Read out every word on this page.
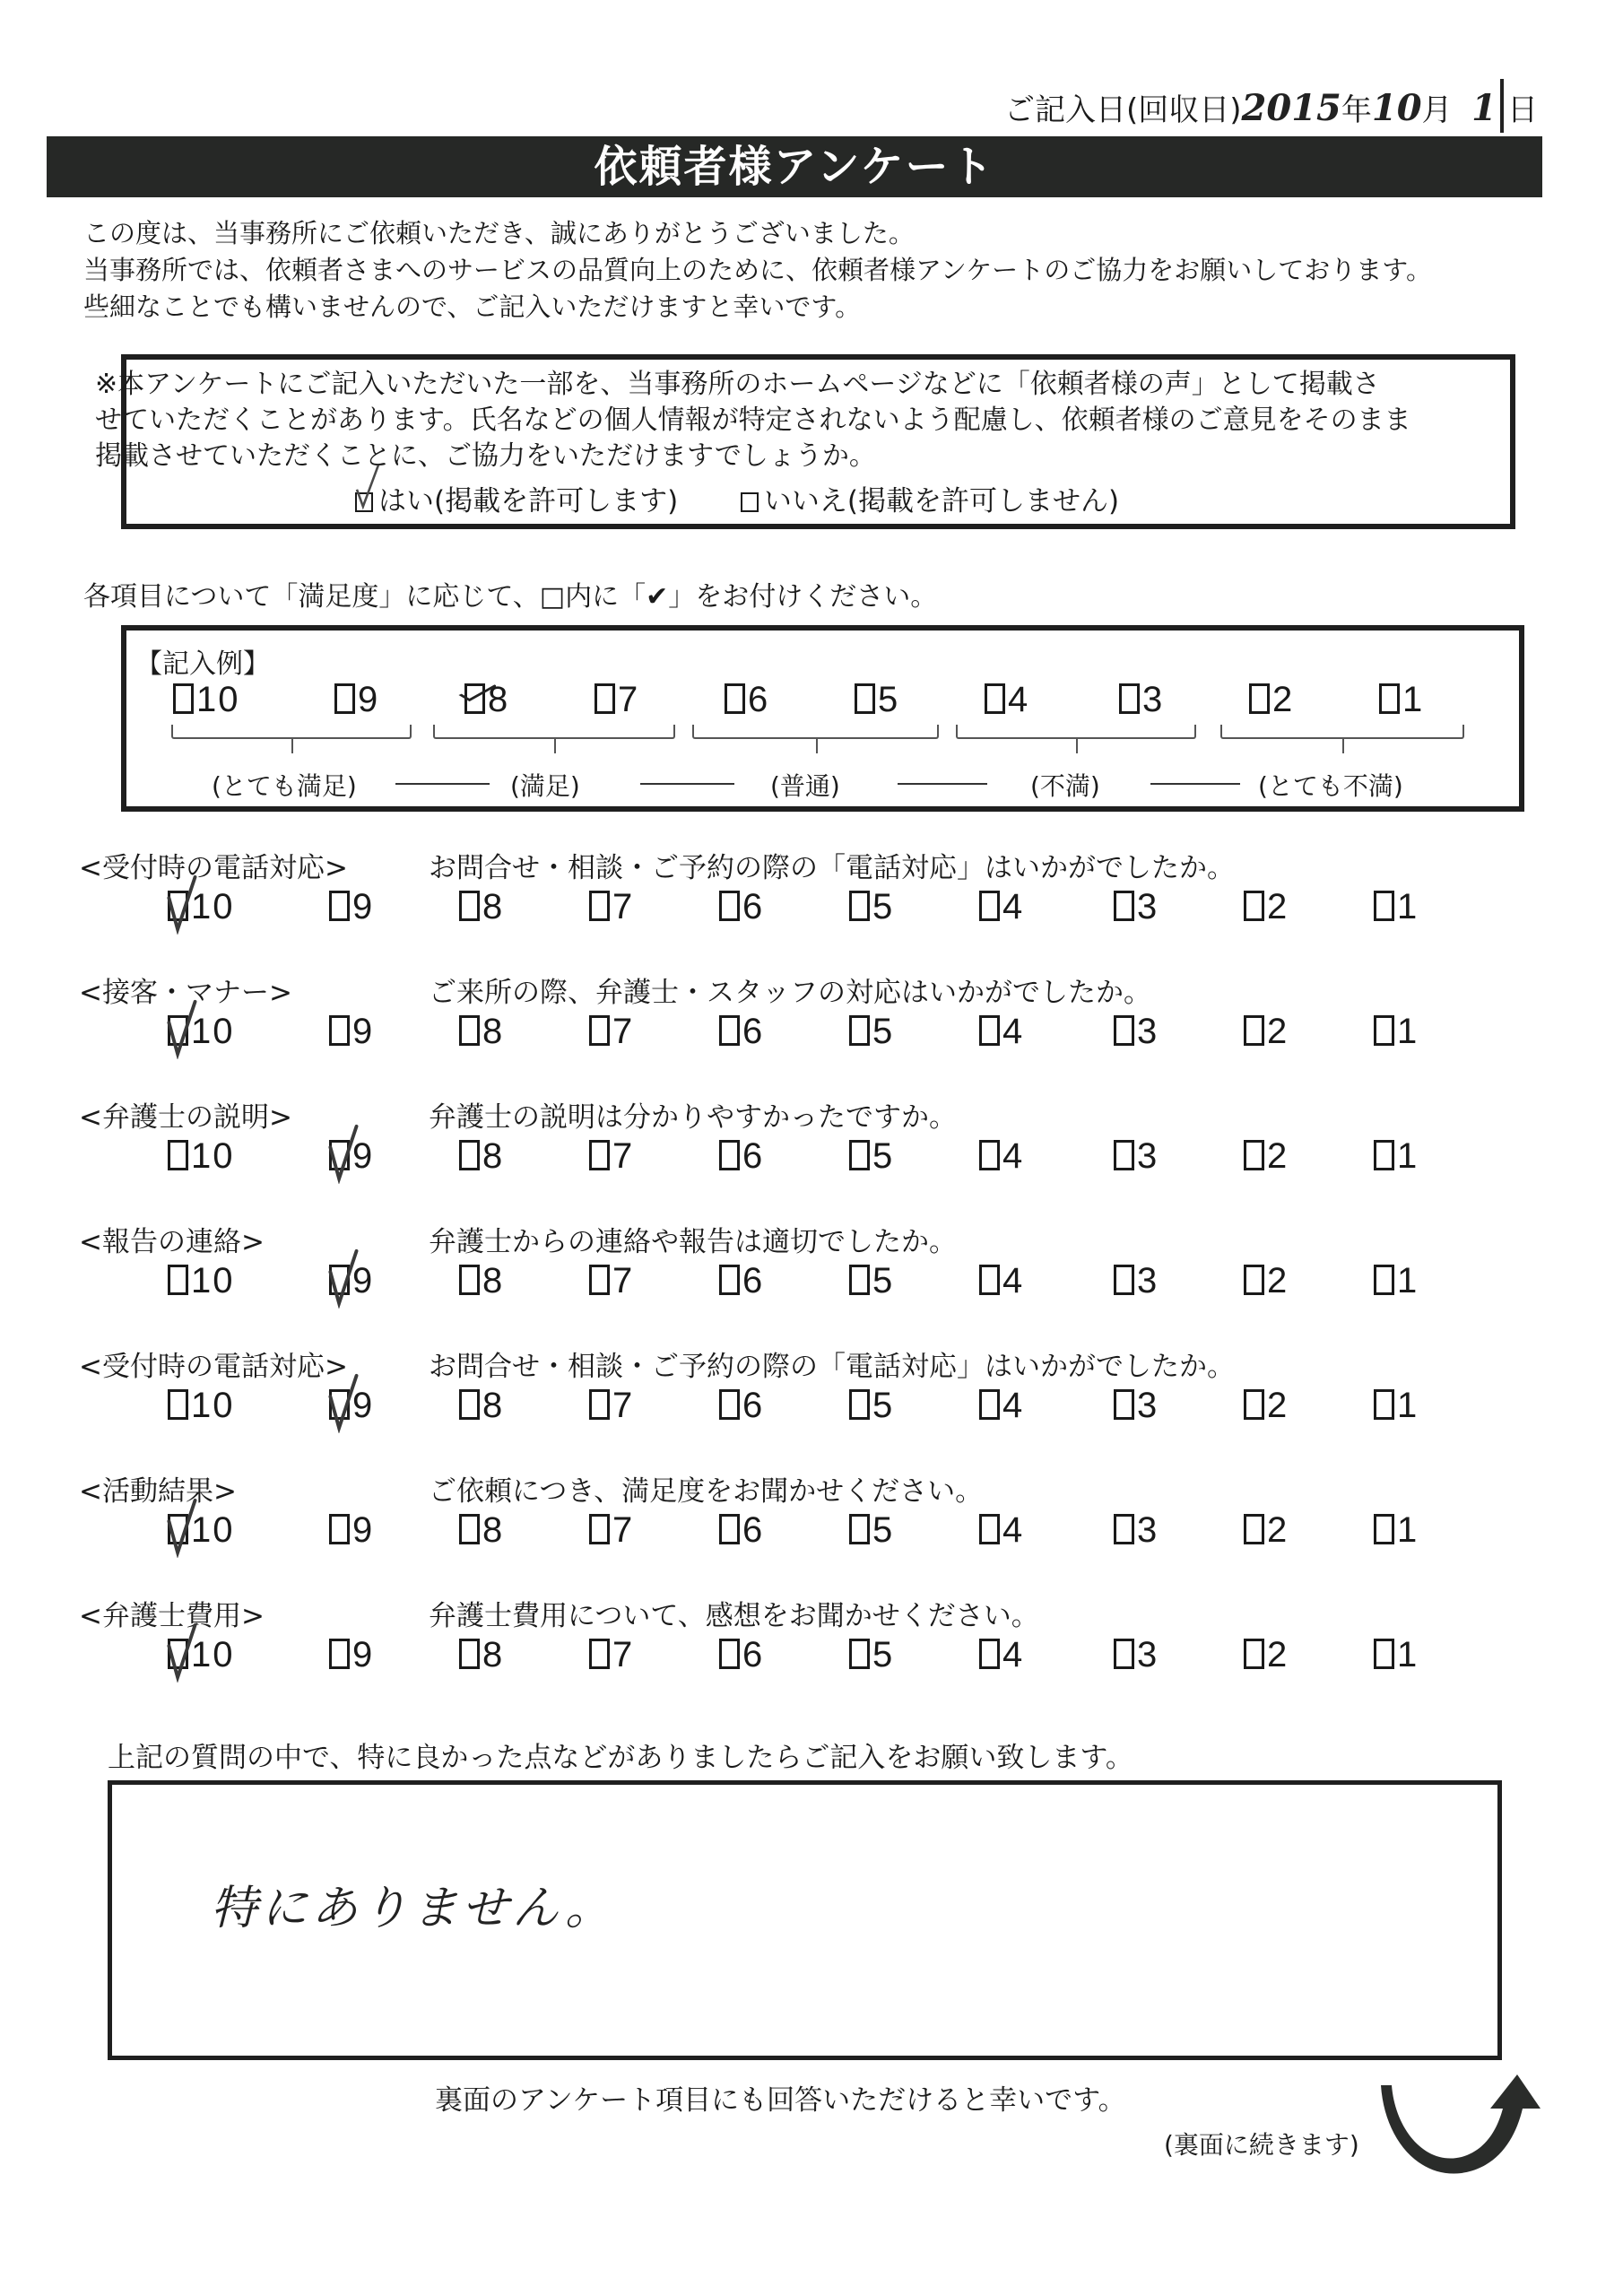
ご記入日(回収日)2015年10月 1 日
依頼者様アンケート
この度は、当事務所にご依頼いただき、誠にありがとうございました。
当事務所では、依頼者さまへのサービスの品質向上のために、依頼者様アンケートのご協力をお願いしております。
些細なことでも構いませんので、ご記入いただけますと幸いです。
※本アンケートにご記入いただいた一部を、当事務所のホームページなどに「依頼者様の声」として掲載さ
せていただくことがあります。氏名などの個人情報が特定されないよう配慮し、依頼者様のご意見をそのまま
掲載させていただくことに、ご協力をいただけますでしょうか。
はい(掲載を許可します)	いいえ(掲載を許可しません)
各項目について「満足度」に応じて、□内に「✔」をお付けください。
【記入例】
10	9	8	7	6	5	4	3	2	1
(とても満足)	(満足)	(普通)	(不満)	(とても不満)
<受付時の電話対応>	お問合せ・相談・ご予約の際の「電話対応」はいかがでしたか。
10	9	8	7	6	5	4	3	2	1
<接客・マナー>	ご来所の際、弁護士・スタッフの対応はいかがでしたか。
10	9	8	7	6	5	4	3	2	1
<弁護士の説明>	弁護士の説明は分かりやすかったですか。
10	9	8	7	6	5	4	3	2	1
<報告の連絡>	弁護士からの連絡や報告は適切でしたか。
10	9	8	7	6	5	4	3	2	1
<受付時の電話対応>	お問合せ・相談・ご予約の際の「電話対応」はいかがでしたか。
10	9	8	7	6	5	4	3	2	1
<活動結果>	ご依頼につき、満足度をお聞かせください。
10	9	8	7	6	5	4	3	2	1
<弁護士費用>	弁護士費用について、感想をお聞かせください。
10	9	8	7	6	5	4	3	2	1
上記の質問の中で、特に良かった点などがありましたらご記入をお願い致します。
特にありません。
裏面のアンケート項目にも回答いただけると幸いです。
(裏面に続きます)
